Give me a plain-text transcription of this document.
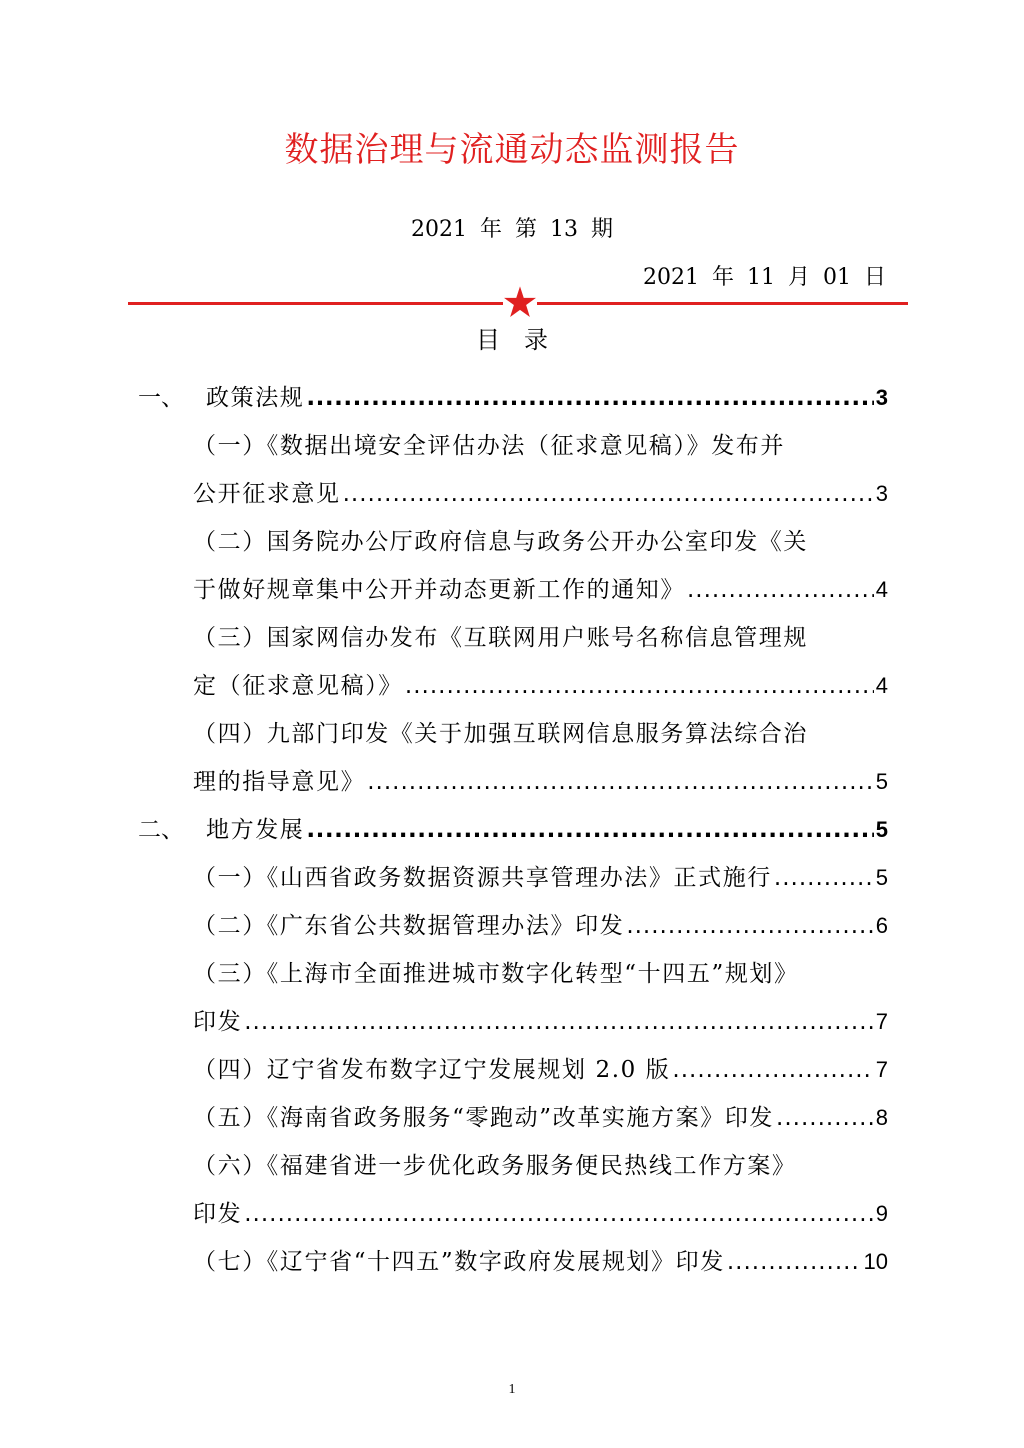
数据治理与流通动态监测报告
2021 年 第 13 期
2021 年 11 月 01 日
目录
一、 政策法规 .....	3
（一）《数据出境安全评估办法（征求意见稿）》发布并
公开征求意见 .....	3
（二）国务院办公厅政府信息与政务公开办公室印发《关
于做好规章集中公开并动态更新工作的通知》 .....	4
（三）国家网信办发布《互联网用户账号名称信息管理规
定（征求意见稿）》 .....	4
（四）九部门印发《关于加强互联网信息服务算法综合治
理的指导意见》 .....	5
二、 地方发展 .....	5
（一）《山西省政务数据资源共享管理办法》正式施行 .....	5
（二）《广东省公共数据管理办法》印发 .....	6
（三）《上海市全面推进城市数字化转型“十四五”规划》
印发 .....	7
（四）辽宁省发布数字辽宁发展规划 2.0 版 .....	7
（五）《海南省政务服务“零跑动”改革实施方案》印发 .....	8
（六）《福建省进一步优化政务服务便民热线工作方案》
印发 .....	9
（七）《辽宁省“十四五”数字政府发展规划》印发 .....	10
1
